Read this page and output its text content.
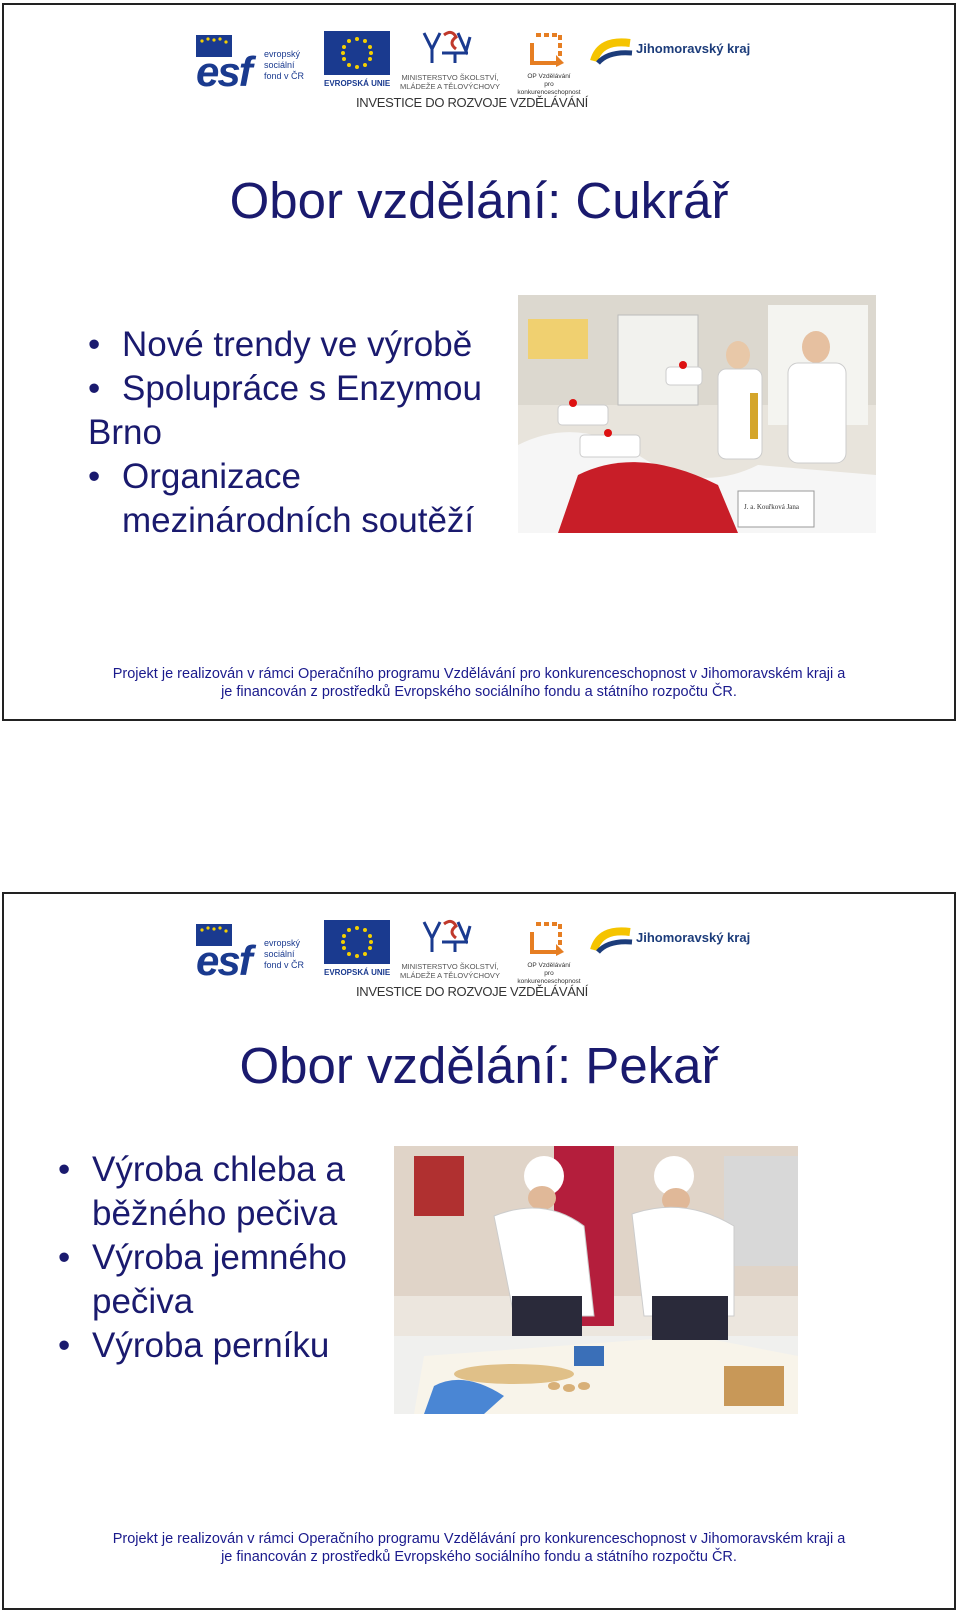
esf evropský
sociální
fond v ČR
EVROPSKÁ UNIE
MINISTERSTVO ŠKOLSTVÍ,
MLÁDEŽE A TĚLOVÝCHOVY
OP Vzdělávání
pro konkurenceschopnost
Jihomoravský kraj
INVESTICE DO ROZVOJE VZDĚLÁVÁNÍ
Obor vzdělání: Cukrář
• Nové trendy ve výrobě
• Spolupráce s Enzymou
Brno
• Organizace
mezinárodních soutěží	J. a. Kouřková Jana
Projekt je realizován v rámci Operačního programu Vzdělávání pro konkurenceschopnost v Jihomoravském kraji a
je financován z prostředků Evropského sociálního fondu a státního rozpočtu ČR.
esf evropský
sociální
fond v ČR
EVROPSKÁ UNIE
MINISTERSTVO ŠKOLSTVÍ,
MLÁDEŽE A TĚLOVÝCHOVY
OP Vzdělávání
pro konkurenceschopnost
Jihomoravský kraj
INVESTICE DO ROZVOJE VZDĚLÁVÁNÍ
Obor vzdělání: Pekař
• Výroba chleba a
běžného pečiva
• Výroba jemného
pečiva
• Výroba perníku
Projekt je realizován v rámci Operačního programu Vzdělávání pro konkurenceschopnost v Jihomoravském kraji a
je financován z prostředků Evropského sociálního fondu a státního rozpočtu ČR.
